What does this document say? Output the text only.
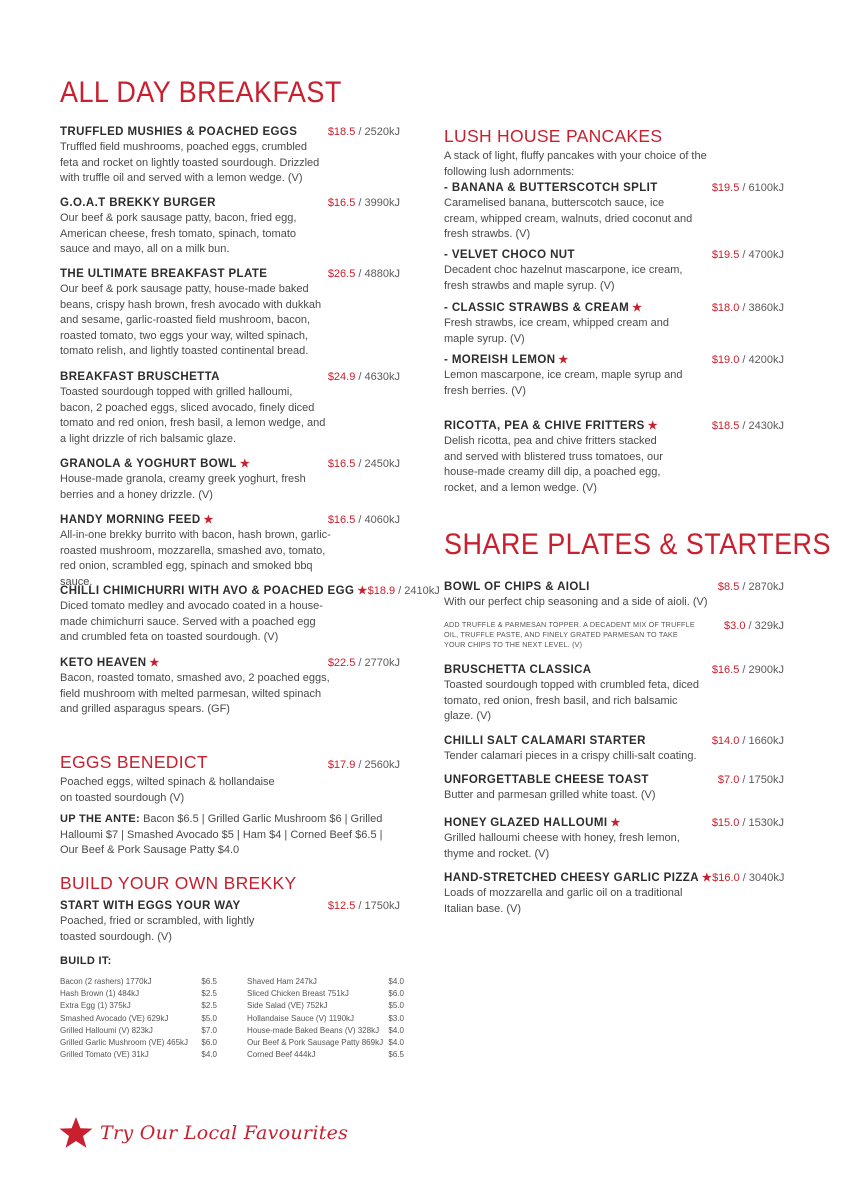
ALL DAY BREAKFAST
TRUFFLED MUSHIES & POACHED EGGS	$18.5 / 2520kJ
Truffled field mushrooms, poached eggs, crumbled feta and rocket on lightly toasted sourdough. Drizzled with truffle oil and served with a lemon wedge. (V)
G.O.A.T BREKKY BURGER	$16.5 / 3990kJ
Our beef & pork sausage patty, bacon, fried egg, American cheese, fresh tomato, spinach, tomato sauce and mayo, all on a milk bun.
THE ULTIMATE BREAKFAST PLATE	$26.5 / 4880kJ
Our beef & pork sausage patty, house-made baked beans, crispy hash brown, fresh avocado with dukkah and sesame, garlic-roasted field mushroom, bacon, roasted tomato, two eggs your way, wilted spinach, tomato relish, and lightly toasted continental bread.
BREAKFAST BRUSCHETTA	$24.9 / 4630kJ
Toasted sourdough topped with grilled halloumi, bacon, 2 poached eggs, sliced avocado, finely diced tomato and red onion, fresh basil, a lemon wedge, and a light drizzle of rich balsamic glaze.
GRANOLA & YOGHURT BOWL ★	$16.5 / 2450kJ
House-made granola, creamy greek yoghurt, fresh berries and a honey drizzle. (V)
HANDY MORNING FEED ★	$16.5 / 4060kJ
All-in-one brekky burrito with bacon, hash brown, garlic-roasted mushroom, mozzarella, smashed avo, tomato, red onion, scrambled egg, spinach and smoked bbq sauce.
CHILLI CHIMICHURRI WITH AVO & POACHED EGG ★ $18.9 / 2410kJ
Diced tomato medley and avocado coated in a house-made chimichurri sauce. Served with a poached egg and crumbled feta on toasted sourdough. (V)
KETO HEAVEN ★	$22.5 / 2770kJ
Bacon, roasted tomato, smashed avo, 2 poached eggs, field mushroom with melted parmesan, wilted spinach and grilled asparagus spears. (GF)
EGGS BENEDICT	$17.9 / 2560kJ
Poached eggs, wilted spinach & hollandaise on toasted sourdough (V)
UP THE ANTE: Bacon $6.5 | Grilled Garlic Mushroom $6 | Grilled Halloumi $7 | Smashed Avocado $5 | Ham $4 | Corned Beef $6.5 | Our Beef & Pork Sausage Patty $4.0
BUILD YOUR OWN BREKKY
START WITH EGGS YOUR WAY	$12.5 / 1750kJ
Poached, fried or scrambled, with lightly toasted sourdough. (V)
BUILD IT:
Bacon (2 rashers) 1770kJ	$6.5
Hash Brown (1) 484kJ	$2.5
Extra Egg (1) 375kJ	$2.5
Smashed Avocado (VE) 629kJ	$5.0
Grilled Halloumi (V) 823kJ	$7.0
Grilled Garlic Mushroom (VE) 465kJ $6.0
Grilled Tomato (VE) 31kJ	$4.0
Shaved Ham 247kJ	$4.0
Sliced Chicken Breast 751kJ	$6.0
Side Salad (VE) 752kJ	$5.0
Hollandaise Sauce (V) 1190kJ	$3.0
House-made Baked Beans (V) 328kJ $4.0
Our Beef & Pork Sausage Patty 869kJ $4.0
Corned Beef 444kJ	$6.5
LUSH HOUSE PANCAKES
A stack of light, fluffy pancakes with your choice of the following lush adornments:
- BANANA & BUTTERSCOTCH SPLIT	$19.5 / 6100kJ
Caramelised banana, butterscotch sauce, ice cream, whipped cream, walnuts, dried coconut and fresh strawbs. (V)
- VELVET CHOCO NUT	$19.5 / 4700kJ
Decadent choc hazelnut mascarpone, ice cream, fresh strawbs and maple syrup. (V)
- CLASSIC STRAWBS & CREAM ★	$18.0 / 3860kJ
Fresh strawbs, ice cream, whipped cream and maple syrup. (V)
- MOREISH LEMON ★	$19.0 / 4200kJ
Lemon mascarpone, ice cream, maple syrup and fresh berries. (V)
RICOTTA, PEA & CHIVE FRITTERS ★	$18.5 / 2430kJ
Delish ricotta, pea and chive fritters stacked and served with blistered truss tomatoes, our house-made creamy dill dip, a poached egg, rocket, and a lemon wedge. (V)
SHARE PLATES & STARTERS
BOWL OF CHIPS & AIOLI	$8.5 / 2870kJ
With our perfect chip seasoning and a side of aioli. (V)
ADD TRUFFLE & PARMESAN TOPPER. A DECADENT MIX OF TRUFFLE OIL, TRUFFLE PASTE, AND FINELY GRATED PARMESAN TO TAKE YOUR CHIPS TO THE NEXT LEVEL. (V)
$3.0 / 329kJ
BRUSCHETTA CLASSICA	$16.5 / 2900kJ
Toasted sourdough topped with crumbled feta, diced tomato, red onion, fresh basil, and rich balsamic glaze. (V)
CHILLI SALT CALAMARI STARTER	$14.0 / 1660kJ
Tender calamari pieces in a crispy chilli-salt coating.
UNFORGETTABLE CHEESE TOAST	$7.0 / 1750kJ
Butter and parmesan grilled white toast. (V)
HONEY GLAZED HALLOUMI ★	$15.0 / 1530kJ
Grilled halloumi cheese with honey, fresh lemon, thyme and rocket. (V)
HAND-STRETCHED CHEESY GARLIC PIZZA ★ $16.0 / 3040kJ
Loads of mozzarella and garlic oil on a traditional Italian base. (V)
Try Our Local Favourites
